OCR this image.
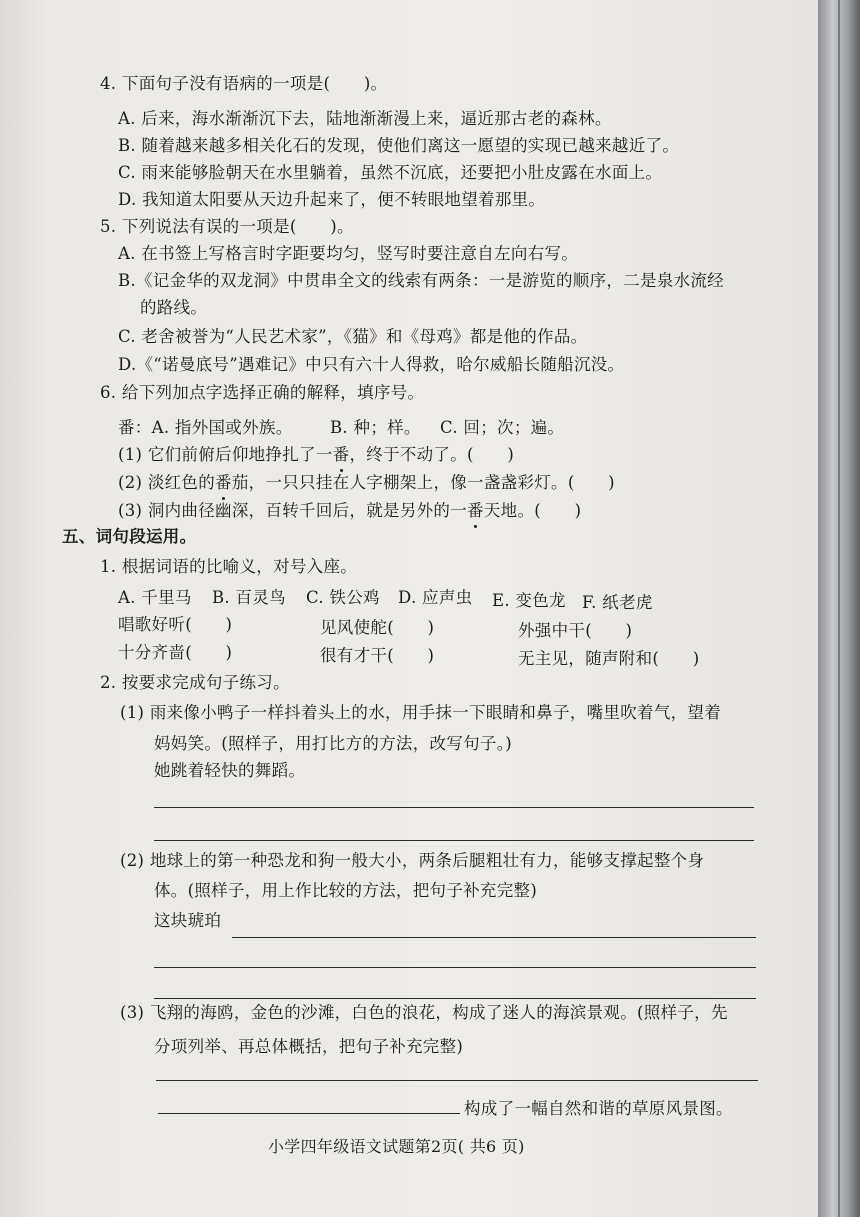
4. 下面句子没有语病的一项是(　　)。
A. 后来，海水渐渐沉下去，陆地渐渐漫上来，逼近那古老的森林。
B. 随着越来越多相关化石的发现，使他们离这一愿望的实现已越来越近了。
C. 雨来能够脸朝天在水里躺着，虽然不沉底，还要把小肚皮露在水面上。
D. 我知道太阳要从天边升起来了，便不转眼地望着那里。
5. 下列说法有误的一项是(　　)。
A. 在书签上写格言时字距要均匀，竖写时要注意自左向右写。
B.《记金华的双龙洞》中贯串全文的线索有两条：一是游览的顺序，二是泉水流经
的路线。
C. 老舍被誉为“人民艺术家”，《猫》和《母鸡》都是他的作品。
D.《“诺曼底号”遇难记》中只有六十人得救，哈尔威船长随船沉没。
6. 给下列加点字选择正确的解释，填序号。
番：A. 指外国或外族。 B. 种；样。 C. 回；次；遍。
(1) 它们前俯后仰地挣扎了一番，终于不动了。(　　)
(2) 淡红色的番茄，一只只挂在人字棚架上，像一盏盏彩灯。(　　)
(3) 洞内曲径幽深，百转千回后，就是另外的一番天地。(　　)
五、词句段运用。
1. 根据词语的比喻义，对号入座。
A. 千里马 B. 百灵鸟 C. 铁公鸡 D. 应声虫 E. 变色龙 F. 纸老虎
唱歌好听(　　)	见风使舵(　　)	外强中干(　　)
十分齐啬(　　)	很有才干(　　)	无主见，随声附和(　　)
2. 按要求完成句子练习。
(1) 雨来像小鸭子一样抖着头上的水，用手抹一下眼睛和鼻子，嘴里吹着气，望着
妈妈笑。(照样子，用打比方的方法，改写句子。)
她跳着轻快的舞蹈。
(2) 地球上的第一种恐龙和狗一般大小，两条后腿粗壮有力，能够支撑起整个身
体。(照样子，用上作比较的方法，把句子补充完整)
这块琥珀
(3) 飞翔的海鸥，金色的沙滩，白色的浪花，构成了迷人的海滨景观。(照样子，先
分项列举、再总体概括，把句子补充完整)
构成了一幅自然和谐的草原风景图。
小学四年级语文试题第2页( 共6 页)
